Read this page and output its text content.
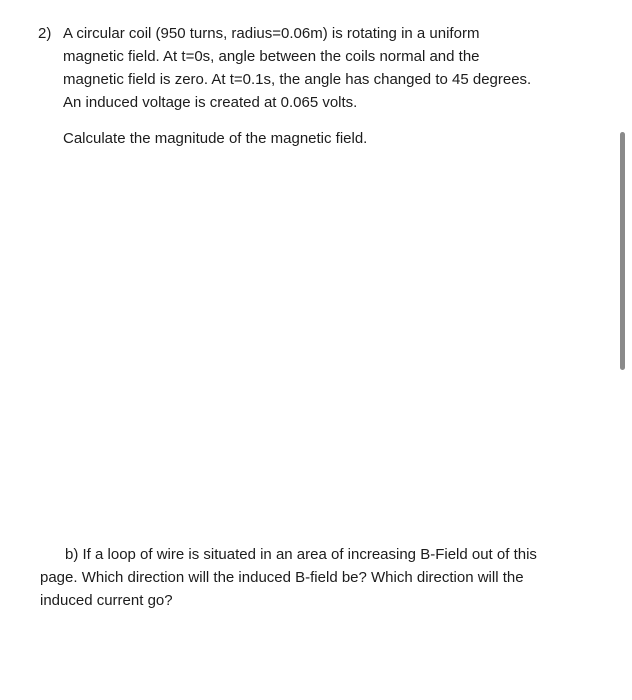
2) A circular coil (950 turns, radius=0.06m) is rotating in a uniform

magnetic field. At t=0s, angle between the coils normal and the

magnetic field is zero. At t=0.1s, the angle has changed to 45 degrees.

An induced voltage is created at 0.065 volts.

Calculate the magnitude of the magnetic field.

b) If a loop of wire is situated in an area of increasing B-Field out of this

page. Which direction will the induced B-field be? Which direction will the

induced current go?
